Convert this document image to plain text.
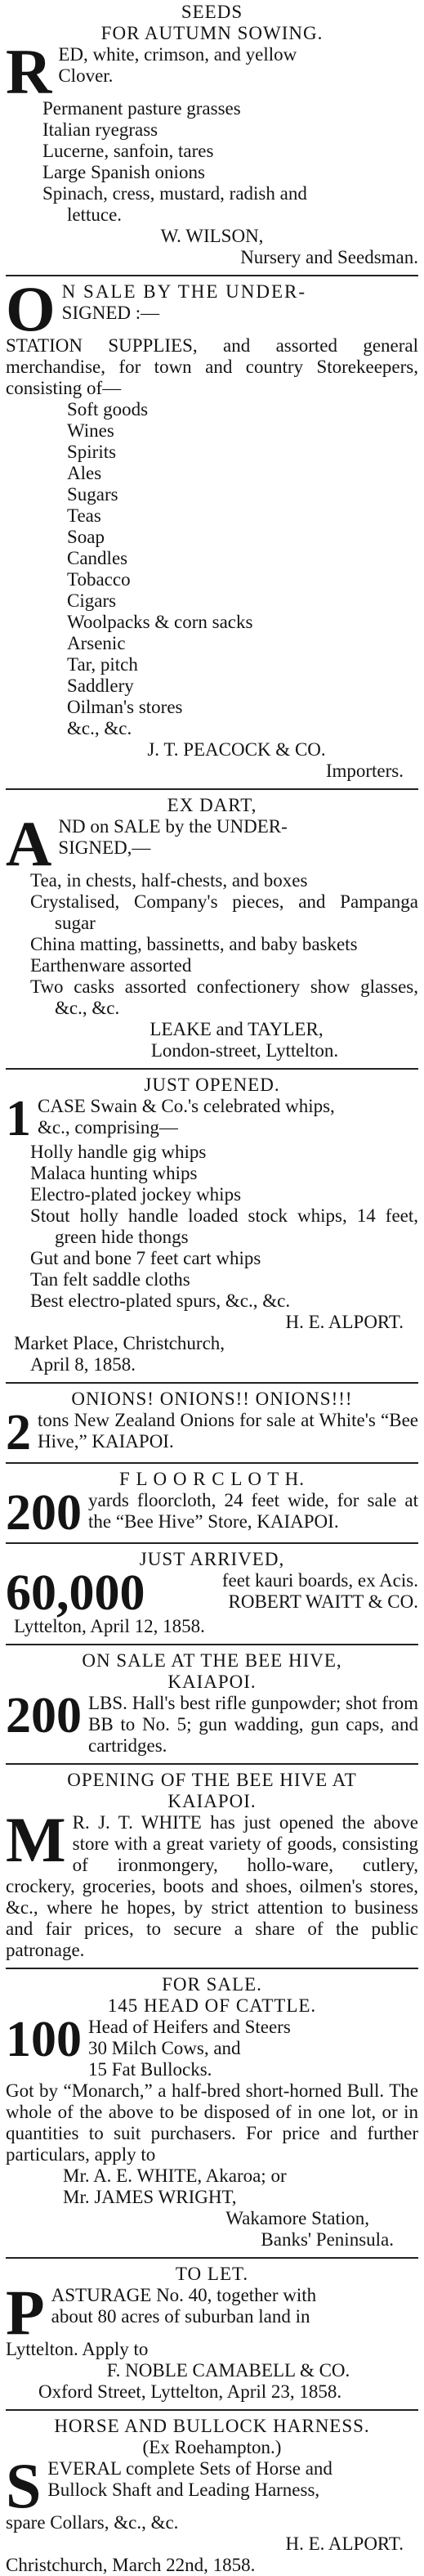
SEEDS
FOR AUTUMN SOWING.
R ED, white, crimson, and yellow
Clover.
Permanent pasture grasses
Italian ryegrass
Lucerne, sanfoin, tares
Large Spanish onions
Spinach, cress, mustard, radish and
lettuce.
W. WILSON,
Nursery and Seedsman.
O N SALE BY THE UNDER-
SIGNED :—
STATION SUPPLIES, and assorted general merchandise, for town and country Storekeepers, consisting of—
Soft goods
Wines
Spirits
Ales
Sugars
Teas
Soap
Candles
Tobacco
Cigars
Woolpacks & corn sacks
Arsenic
Tar, pitch
Saddlery
Oilman's stores
&c., &c.
J. T. PEACOCK & CO.
Importers.
EX DART,
A ND on SALE by the UNDER-
SIGNED,—
Tea, in chests, half-chests, and boxes
Crystalised, Company's pieces, and Pampanga sugar
China matting, bassinetts, and baby baskets
Earthenware assorted
Two casks assorted confectionery show glasses, &c., &c.
LEAKE and TAYLER,
London-street, Lyttelton.
JUST OPENED.
1 CASE Swain & Co.'s celebrated whips,
&c., comprising—
Holly handle gig whips
Malaca hunting whips
Electro-plated jockey whips
Stout holly handle loaded stock whips, 14 feet, green hide thongs
Gut and bone 7 feet cart whips
Tan felt saddle cloths
Best electro-plated spurs, &c., &c.
H. E. ALPORT.
Market Place, Christchurch,
April 8, 1858.
ONIONS! ONIONS!! ONIONS!!!
2 tons New Zealand Onions for sale at White's “Bee Hive,” KAIAPOI.
F L O O R C L O T H.
200 yards floorcloth, 24 feet wide, for sale at the “Bee Hive” Store, KAIAPOI.
JUST ARRIVED,
60,000	feet kauri boards, ex Acis.
ROBERT WAITT & CO.
Lyttelton, April 12, 1858.
ON SALE AT THE BEE HIVE,
KAIAPOI.
200 LBS. Hall's best rifle gunpowder; shot from BB to No. 5; gun wadding, gun caps, and cartridges.
OPENING OF THE BEE HIVE AT
KAIAPOI.
M R. J. T. WHITE has just opened the above store with a great variety of goods, consisting of ironmongery, hollo-ware, cutlery, crockery, groceries, boots and shoes, oilmen's stores, &c., where he hopes, by strict attention to business and fair prices, to secure a share of the public patronage.
FOR SALE.
145 HEAD OF CATTLE.
100 Head of Heifers and Steers
30 Milch Cows, and
15 Fat Bullocks.
Got by “Monarch,” a half-bred short-horned Bull. The whole of the above to be disposed of in one lot, or in quantities to suit purchasers. For price and further particulars, apply to
Mr. A. E. WHITE, Akaroa; or
Mr. JAMES WRIGHT,
Wakamore Station,
Banks' Peninsula.
TO LET.
P ASTURAGE No. 40, together with
about 80 acres of suburban land in
Lyttelton. Apply to
F. NOBLE CAMABELL & CO.
Oxford Street, Lyttelton, April 23, 1858.
HORSE AND BULLOCK HARNESS.
(Ex Roehampton.)
S EVERAL complete Sets of Horse and
Bullock Shaft and Leading Harness,
spare Collars, &c., &c.
H. E. ALPORT.
Christchurch, March 22nd, 1858.
